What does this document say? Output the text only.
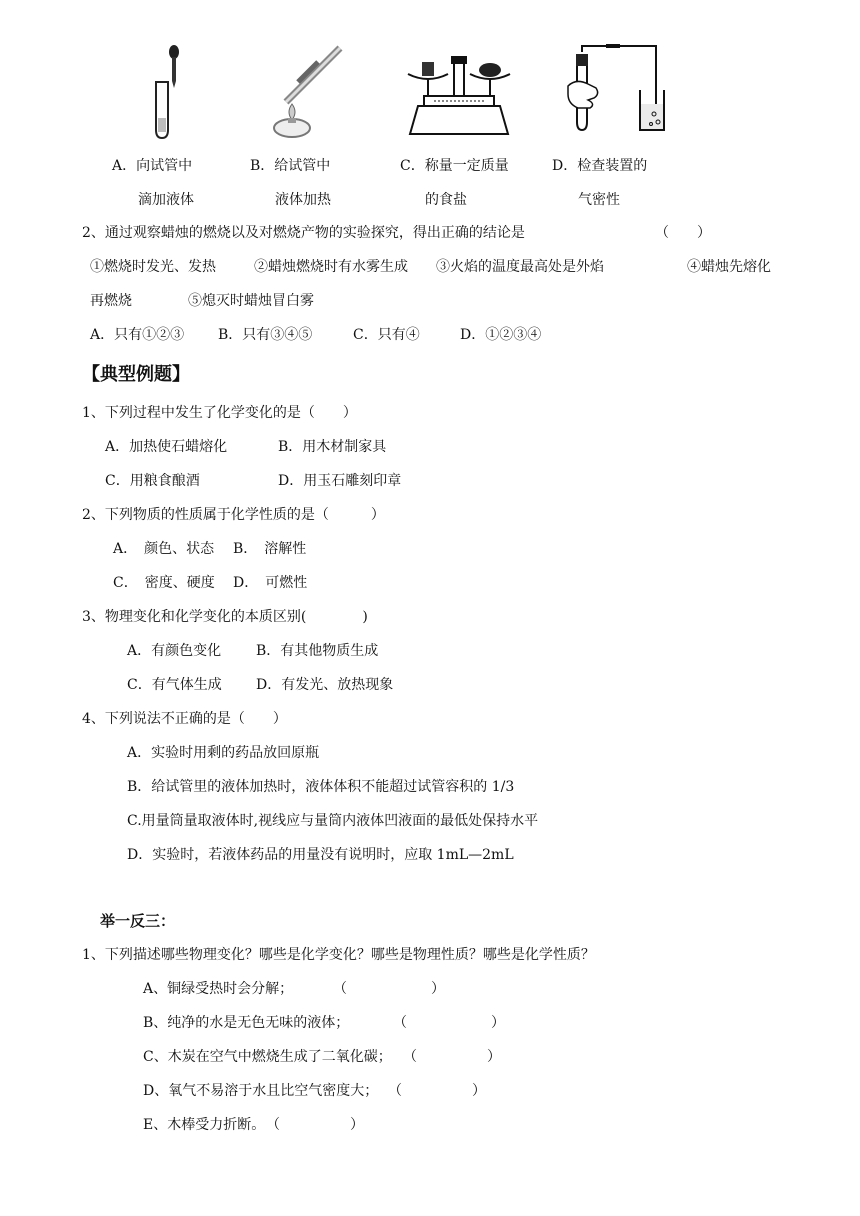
A．向试管中
滴加液体
B．给试管中
液体加热
C．称量一定质量
的食盐
D．检查装置的
气密性
2、通过观察蜡烛的燃烧以及对燃烧产物的实验探究，得出正确的结论是	（　　）
①燃烧时发光、发热	②蜡烛燃烧时有水雾生成 ③火焰的温度最高处是外焰	④蜡烛先熔化
再燃烧	⑤熄灭时蜡烛冒白雾
A．只有①②③ B．只有③④⑤	C．只有④	D．①②③④
【典型例题】
1、下列过程中发生了化学变化的是（　　）
A．加热使石蜡熔化	B．用木材制家具
C．用粮食酿酒	D．用玉石雕刻印章
2、下列物质的性质属于化学性质的是（　　　）
A．　颜色、状态 B．　溶解性
C．　密度、硬度 D．　可燃性
3、物理变化和化学变化的本质区别(　　　　)
A．有颜色变化 B．有其他物质生成
C．有气体生成 D．有发光、放热现象
4、下列说法不正确的是（　　）
A．实验时用剩的药品放回原瓶
B．给试管里的液体加热时，液体体积不能超过试管容积的 1/3
C.用量筒量取液体时,视线应与量筒内液体凹液面的最低处保持水平
D．实验时，若液体药品的用量没有说明时，应取 1mL—2mL
举一反三：
1、下列描述哪些物理变化？哪些是化学变化？哪些是物理性质？哪些是化学性质？
A、铜绿受热时会分解；	（　　　　　　）
B、纯净的水是无色无味的液体；	（　　　　　　）
C、木炭在空气中燃烧生成了二氧化碳； （　　　　　）
D、氧气不易溶于水且比空气密度大； （　　　　　）
E、木棒受力折断。 （　　　　　）
